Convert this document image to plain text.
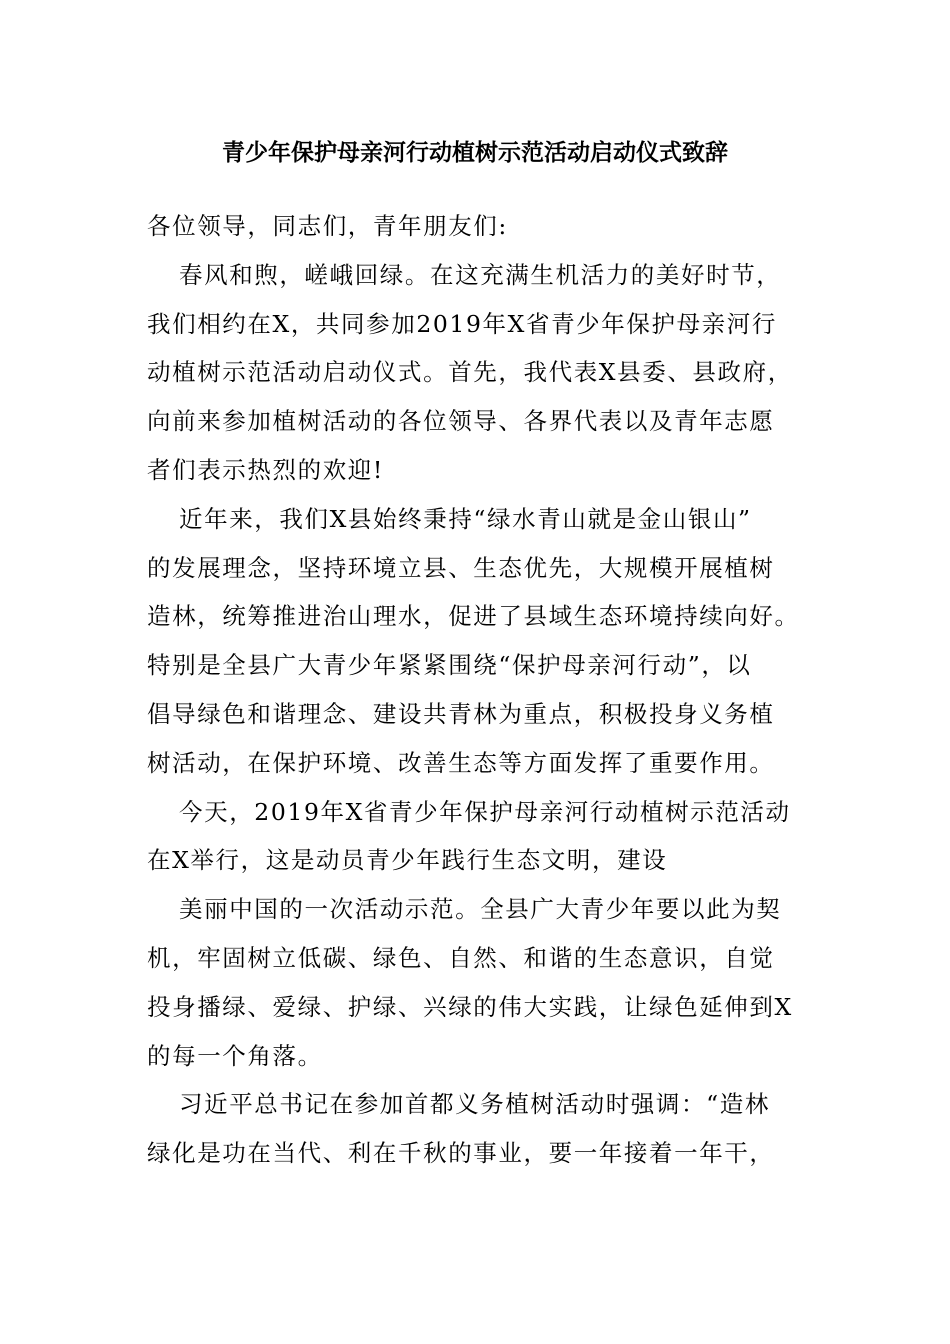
青少年保护母亲河行动植树示范活动启动仪式致辞
各位领导，同志们，青年朋友们:
春风和煦，嵯峨回绿。在这充满生机活力的美好时节，
我们相约在X，共同参加2019年X省青少年保护母亲河行
动植树示范活动启动仪式。首先，我代表X县委、县政府，
向前来参加植树活动的各位领导、各界代表以及青年志愿
者们表示热烈的欢迎!
近年来，我们X县始终秉持“绿水青山就是金山银山”
的发展理念，坚持环境立县、生态优先，大规模开展植树
造林，统筹推进治山理水，促进了县域生态环境持续向好。
特别是全县广大青少年紧紧围绕“保护母亲河行动”，以
倡导绿色和谐理念、建设共青林为重点，积极投身义务植
树活动，在保护环境、改善生态等方面发挥了重要作用。
今天，2019年X省青少年保护母亲河行动植树示范活动
在X举行，这是动员青少年践行生态文明，建设
美丽中国的一次活动示范。全县广大青少年要以此为契
机，牢固树立低碳、绿色、自然、和谐的生态意识，自觉
投身播绿、爱绿、护绿、兴绿的伟大实践，让绿色延伸到X
的每一个角落。
习近平总书记在参加首都义务植树活动时强调：“造林
绿化是功在当代、利在千秋的事业，要一年接着一年干，
